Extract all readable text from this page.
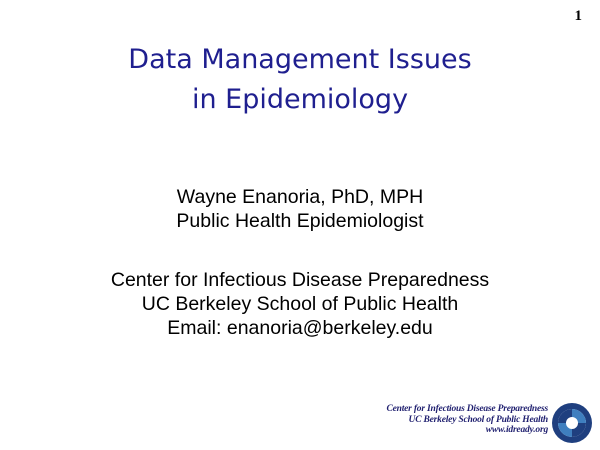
1
Data Management Issues
in Epidemiology
Wayne Enanoria, PhD, MPH
Public Health Epidemiologist
Center for Infectious Disease Preparedness
UC Berkeley School of Public Health
Email: enanoria@berkeley.edu
Center for Infectious Disease Preparedness
UC Berkeley School of Public Health
www.idready.org
